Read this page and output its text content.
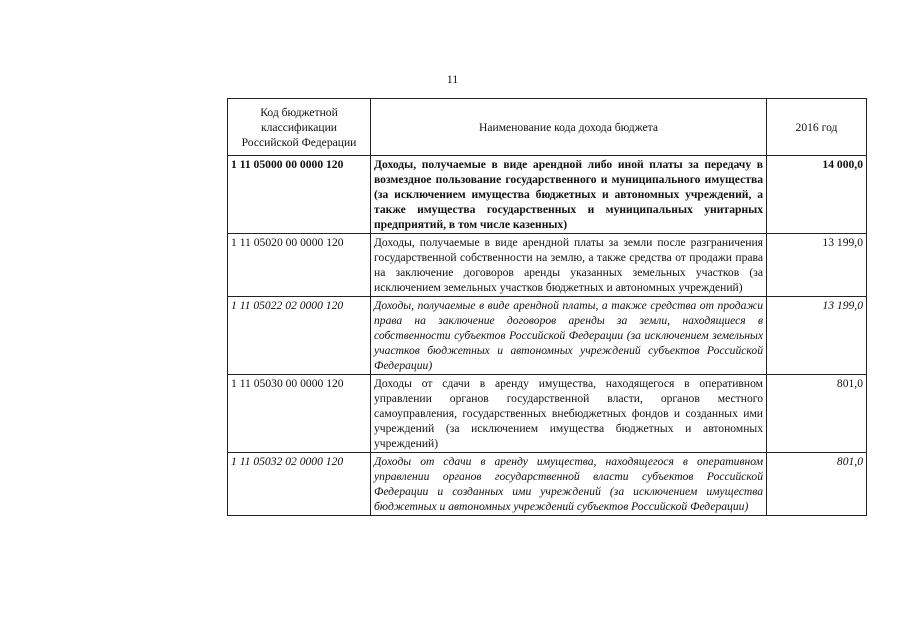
11
Код бюджетной классификации Российской Федерации	Наименование кода дохода бюджета	2016 год
1 11 05000 00 0000 120	Доходы, получаемые в виде арендной либо иной платы за передачу в возмездное пользование государственного и муниципального имущества (за исключением имущества бюджетных и автономных учреждений, а также имущества государственных и муниципальных унитарных предприятий, в том числе казенных)	14 000,0
1 11 05020 00 0000 120	Доходы, получаемые в виде арендной платы за земли после разграничения государственной собственности на землю, а также средства от продажи права на заключение договоров аренды указанных земельных участков (за исключением земельных участков бюджетных и автономных учреждений)	13 199,0
1 11 05022 02 0000 120	Доходы, получаемые в виде арендной платы, а также средства от продажи права на заключение договоров аренды за земли, находящиеся в собственности субъектов Российской Федерации (за исключением земельных участков бюджетных и автономных учреждений субъектов Российской Федерации)	13 199,0
1 11 05030 00 0000 120	Доходы от сдачи в аренду имущества, находящегося в оперативном управлении органов государственной власти, органов местного самоуправления, государственных внебюджетных фондов и созданных ими учреждений (за исключением имущества бюджетных и автономных учреждений)	801,0
1 11 05032 02 0000 120	Доходы от сдачи в аренду имущества, находящегося в оперативном управлении органов государственной власти субъектов Российской Федерации и созданных ими учреждений (за исключением имущества бюджетных и автономных учреждений субъектов Российской Федерации)	801,0
